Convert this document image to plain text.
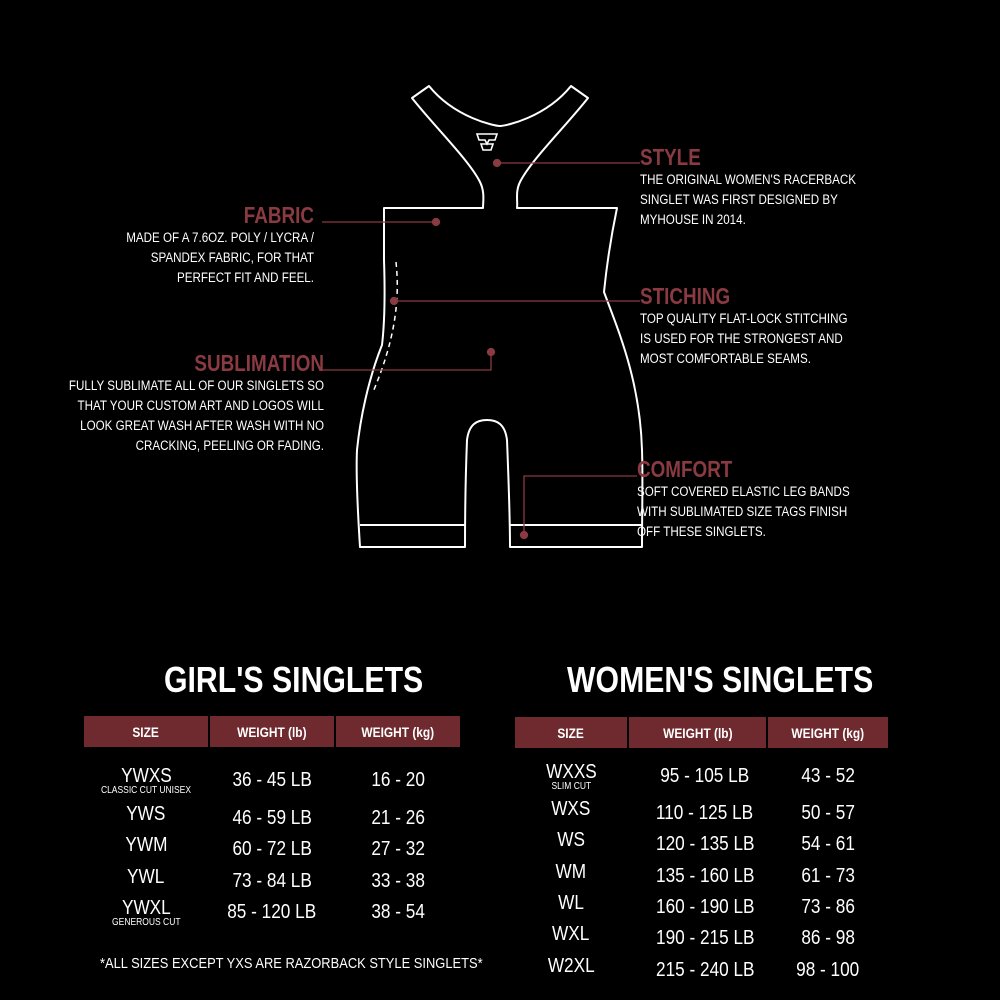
STYLE
THE ORIGINAL WOMEN'S RACERBACK
SINGLET WAS FIRST DESIGNED BY
MYHOUSE IN 2014.
FABRIC
MADE OF A 7.6OZ. POLY / LYCRA /
SPANDEX FABRIC, FOR THAT
PERFECT FIT AND FEEL.
STICHING
TOP QUALITY FLAT-LOCK STITCHING
IS USED FOR THE STRONGEST AND
MOST COMFORTABLE SEAMS.
SUBLIMATION
FULLY SUBLIMATE ALL OF OUR SINGLETS SO
THAT YOUR CUSTOM ART AND LOGOS WILL
LOOK GREAT WASH AFTER WASH WITH NO
CRACKING, PEELING OR FADING.
COMFORT
SOFT COVERED ELASTIC LEG BANDS
WITH SUBLIMATED SIZE TAGS FINISH
OFF THESE SINGLETS.
GIRL'S SINGLETS
SIZE	WEIGHT (lb)	WEIGHT (kg)
YWXS	36 - 45 LB	16 - 20
CLASSIC CUT UNISEX
YWS	46 - 59 LB	21 - 26
YWM	60 - 72 LB	27 - 32
YWL	73 - 84 LB	33 - 38
YWXL	85 - 120 LB	38 - 54
GENEROUS CUT
*ALL SIZES EXCEPT YXS ARE RAZORBACK STYLE SINGLETS*
WOMEN'S SINGLETS
SIZE	WEIGHT (lb)	WEIGHT (kg)
WXXS	95 - 105 LB	43 - 52
SLIM CUT
WXS	110 - 125 LB	50 - 57
WS	120 - 135 LB	54 - 61
WM	135 - 160 LB	61 - 73
WL	160 - 190 LB	73 - 86
WXL	190 - 215 LB	86 - 98
W2XL	215 - 240 LB	98 - 100
